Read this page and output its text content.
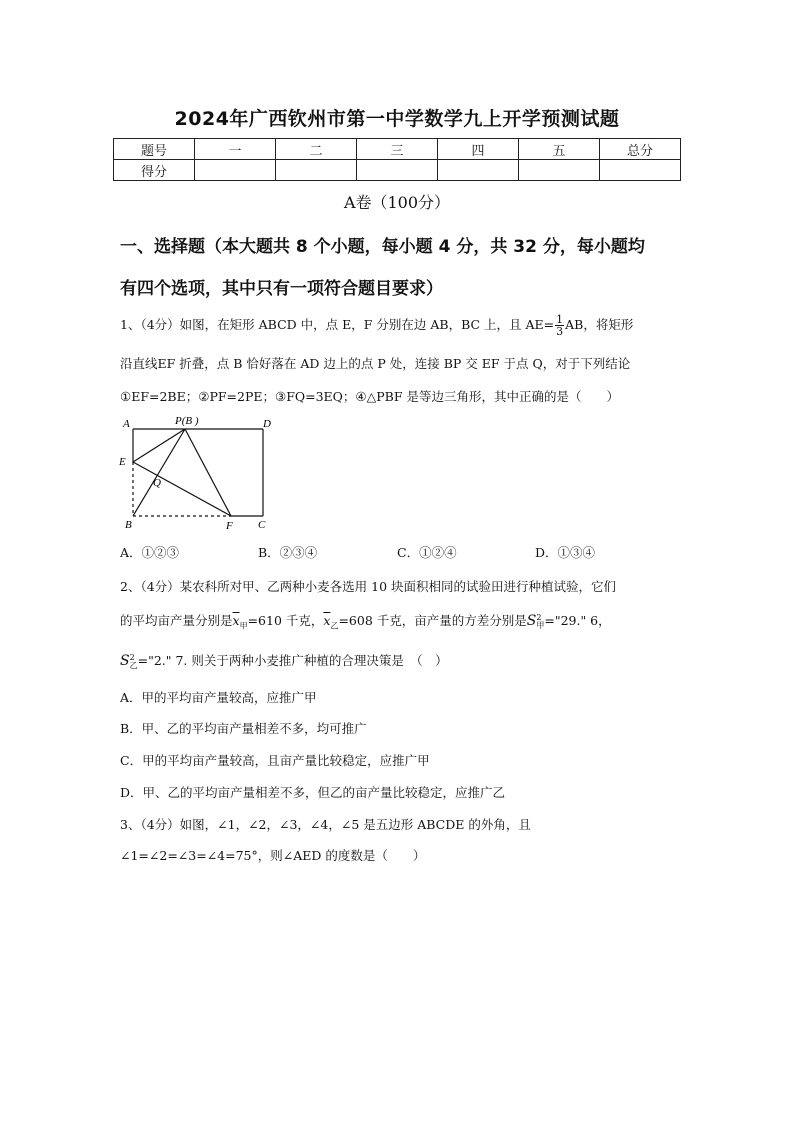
2024年广西钦州市第一中学数学九上开学预测试题
题号	一	二	三	四	五	总分
得分						
A卷（100分）
一、选择题（本大题共 8 个小题，每小题 4 分，共 32 分，每小题均
有四个选项，其中只有一项符合题目要求）
1、（4分）如图，在矩形 ABCD 中，点 E，F 分别在边 AB，BC 上，且 $AE= \frac{1}{3}$ AB，将矩形
沿直线EF 折叠，点 B 恰好落在 AD 边上的点 P 处，连接 BP 交 EF 于点 Q，对于下列结论
①EF=2BE；②PF=2PE；③FQ=3EQ；④△PBF 是等边三角形，其中正确的是（　　）
A	P(B )	D
E
Q
B	F C
A．①②③	B．②③④	C．①②④	D．①③④
2、（4分）某农科所对甲、乙两种小麦各选用 10 块面积相同的试验田进行种植试验，它们
的平均亩产量分别是$\overline{x}_甲=610$ 千克，$\overline{x}_乙=608$ 千克，亩产量的方差分别是S 2
甲 ="29." 6，
S 2
乙 ="2." 7. 则关于两种小麦推广种植的合理决策是　（　）
A．甲的平均亩产量较高，应推广甲
B．甲、乙的平均亩产量相差不多，均可推广
C．甲的平均亩产量较高，且亩产量比较稳定，应推广甲
D．甲、乙的平均亩产量相差不多，但乙的亩产量比较稳定，应推广乙
3、（4分）如图，∠1，∠2，∠3，∠4，∠5 是五边形 ABCDE 的外角，且
∠1=∠2=∠3=∠4=75°，则∠AED 的度数是（　　）
